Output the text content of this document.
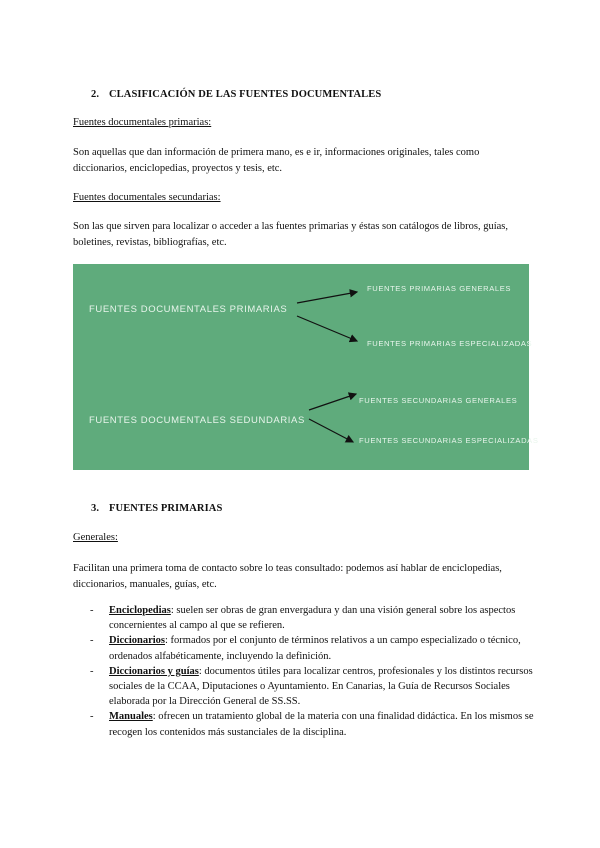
2. CLASIFICACIÓN DE LAS FUENTES DOCUMENTALES
Fuentes documentales primarias:
Son aquellas que dan información de primera mano, es e ir, informaciones originales, tales como diccionarios, enciclopedias, proyectos y tesis, etc.
Fuentes documentales secundarias:
Son las que sirven para localizar o acceder a las fuentes primarias y éstas son catálogos de libros, guías, boletines, revistas, bibliografías, etc.
FUENTES DOCUMENTALES PRIMARIAS
FUENTES PRIMARIAS GENERALES
FUENTES PRIMARIAS ESPECIALIZADAS
FUENTES DOCUMENTALES SEDUNDARIAS
FUENTES SECUNDARIAS GENERALES
FUENTES SECUNDARIAS ESPECIALIZADAS
3. FUENTES PRIMARIAS
Generales:
Facilitan una primera toma de contacto sobre lo teas consultado: podemos así hablar de enciclopedias, diccionarios, manuales, guías, etc.
- Enciclopedias: suelen ser obras de gran envergadura y dan una visión general sobre los aspectos concernientes al campo al que se refieren.
- Diccionarios: formados por el conjunto de términos relativos a un campo especializado o técnico, ordenados alfabéticamente, incluyendo la definición.
- Diccionarios y guías: documentos útiles para localizar centros, profesionales y los distintos recursos sociales de la CCAA, Diputaciones o Ayuntamiento. En Canarias, la Guía de Recursos Sociales elaborada por la Dirección General de SS.SS.
- Manuales: ofrecen un tratamiento global de la materia con una finalidad didáctica. En los mismos se recogen los contenidos más sustanciales de la disciplina.
